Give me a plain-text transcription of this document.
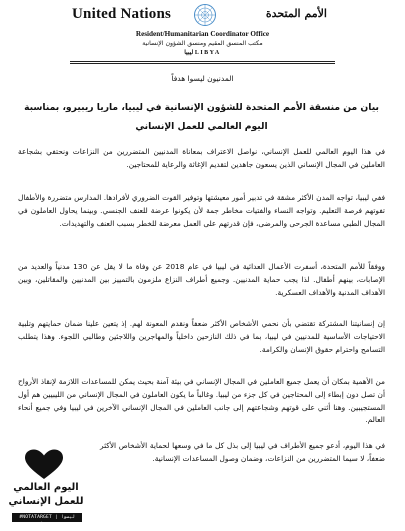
United Nations	الأمم المتحدة
Resident/Humanitarian Coordinator Office
مكتب المنسق المقيم ومنسق الشؤون الإنسانية
ليبيا LIBYA
المدنيون ليسوا هدفاً
بيان من منسقة الأمم المتحدة للشؤون الإنسانية في ليبيا، ماريا ريبيرو، بمناسبة اليوم العالمي للعمل الإنساني
في هذا اليوم العالمي للعمل الإنساني، نواصل الاعتراف بمعاناة المدنيين المتضررين من النزاعات ونحتفي بشجاعة العاملين في المجال الإنساني الذين يسعون جاهدين لتقديم الإغاثة والرعاية للمحتاجين.
ففي ليبيا، تواجه المدن الأكثر مشقة في تدبير أمور معيشتها وتوفير القوت الضروري لأفرادها. المدارس متضررة والأطفال تفوتهم فرصة التعليم. وتواجه النساء والفتيات مخاطر جمة لأن يكونوا عرضة للعنف الجنسي. وبينما يحاول العاملون في المجال الطبي مساعدة الجرحى والمرضى، فإن قدرتهم على العمل معرضة للخطر بسبب العنف والتهديدات.
ووفقاً للأمم المتحدة، أسفرت الأعمال العدائية في ليبيا في عام 2018 عن وفاة ما لا يقل عن 130 مدنياً والعديد من الإصابات، بينهم أطفال. لذا يجب حماية المدنيين. وجميع أطراف النزاع ملزمون بالتمييز بين المدنيين والمقاتلين، وبين الأهداف المدنية والأهداف العسكرية.
إن إنسانيتنا المشتركة تقتضي بأن نحمي الأشخاص الأكثر ضعفاً ونقدم المعونة لهم. إذ يتعين علينا ضمان حمايتهم وتلبية الاحتياجات الأساسية للمدنيين في ليبيا، بما في ذلك النازحين داخلياً والمهاجرين واللاجئين وطالبي اللجوء. وهذا يتطلب التسامح واحترام حقوق الإنسان والكرامة.
من الأهمية بمكان أن يعمل جميع العاملين في المجال الإنساني في بيئة آمنة بحيث يمكن للمساعدات اللازمة لإنقاذ الأرواح أن تصل دون إبطاء إلى المحتاجين في كل جزء من ليبيا. وغالباً ما يكون العاملون في المجال الإنساني من الليبيين هم أول المستجيبين. وهنا أثني على قوتهم وشجاعتهم إلى جانب العاملين في المجال الإنساني الآخرين في ليبيا وفي جميع أنحاء العالم.
في هذا اليوم، أدعو جميع الأطراف في ليبيا إلى بذل كل ما في وسعها لحماية الأشخاص الأكثر ضعفاً، لا سيما المتضررين من النزاعات، وضمان وصول المساعدات الإنسانية.
اليوم العالمي
للعمل الإنساني
#NOTATARGET | ليسوا هدفاً#
